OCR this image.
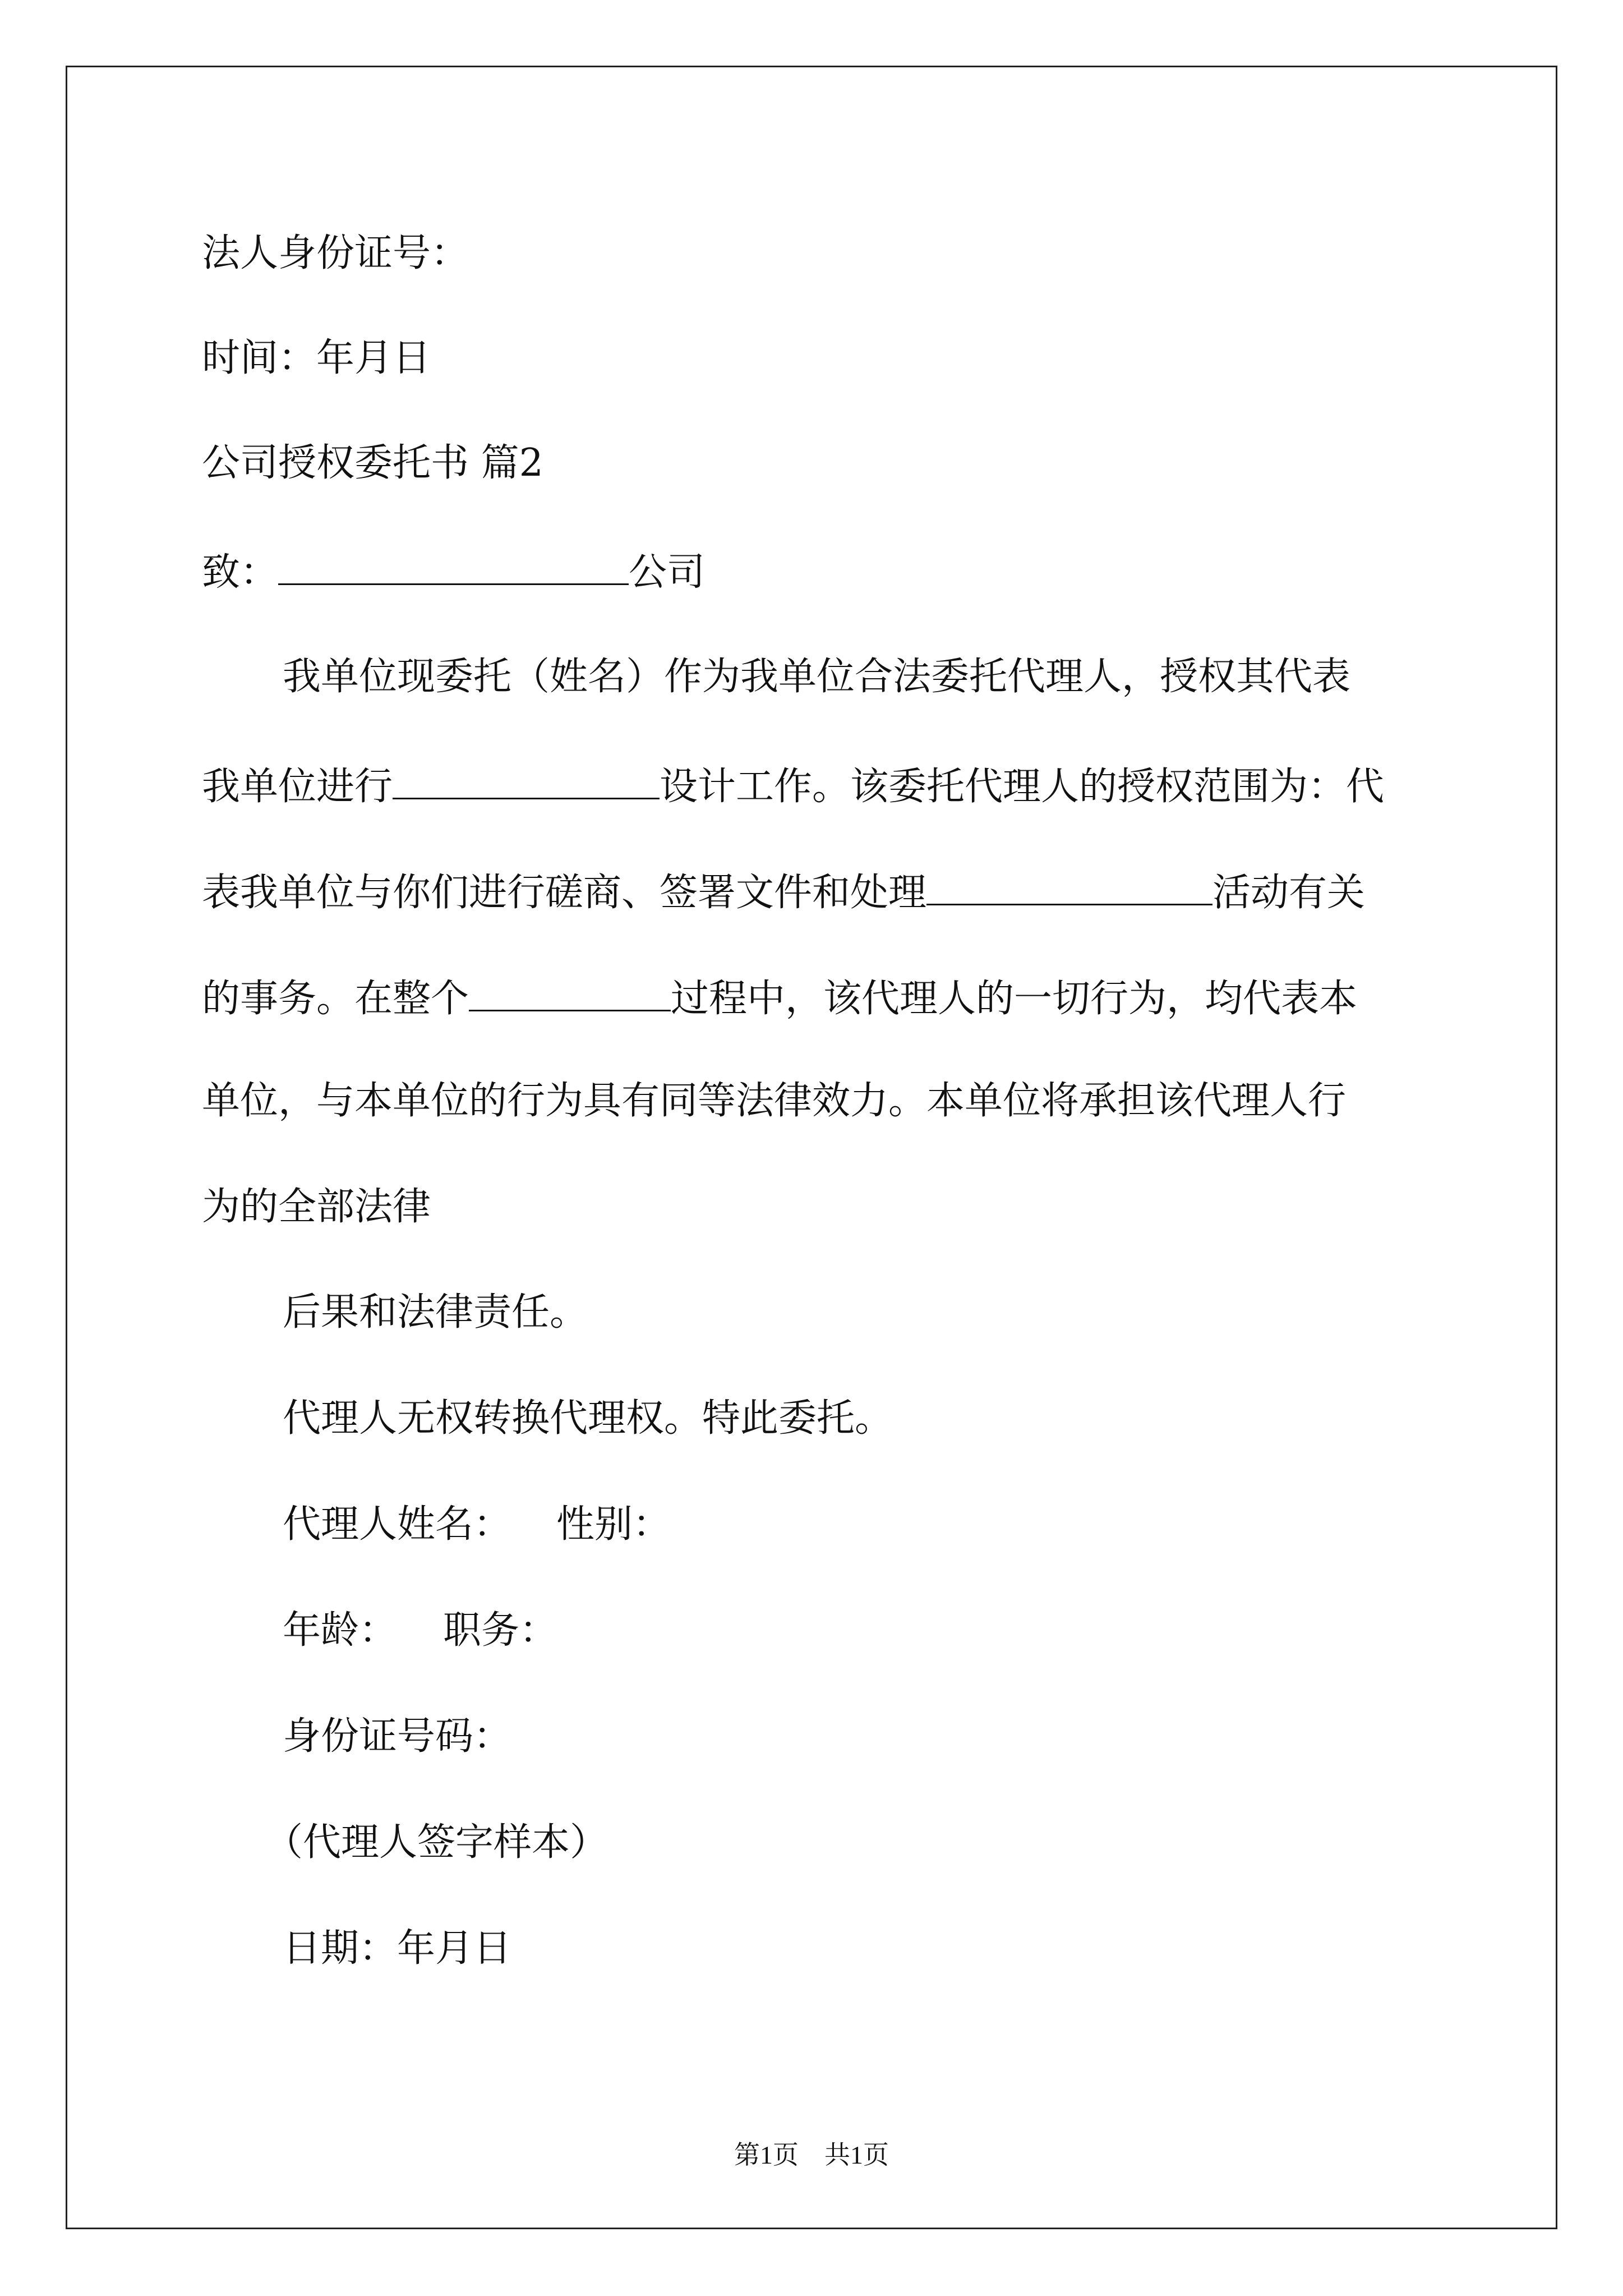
法人身份证号：
时间：年月日
公司授权委托书 篇2
致：	公司
我单位现委托（姓名）作为我单位合法委托代理人，授权其代表
我单位进行	设计工作。该委托代理人的授权范围为：代
表我单位与你们进行磋商、签署文件和处理	活动有关
的事务。在整个	过程中，该代理人的一切行为，均代表本
单位，与本单位的行为具有同等法律效力。本单位将承担该代理人行
为的全部法律
后果和法律责任。
代理人无权转换代理权。特此委托。
代理人姓名： 性别：
年龄： 职务：
身份证号码：
（代理人签字样本）
日期：年月日
第1页 共1页
